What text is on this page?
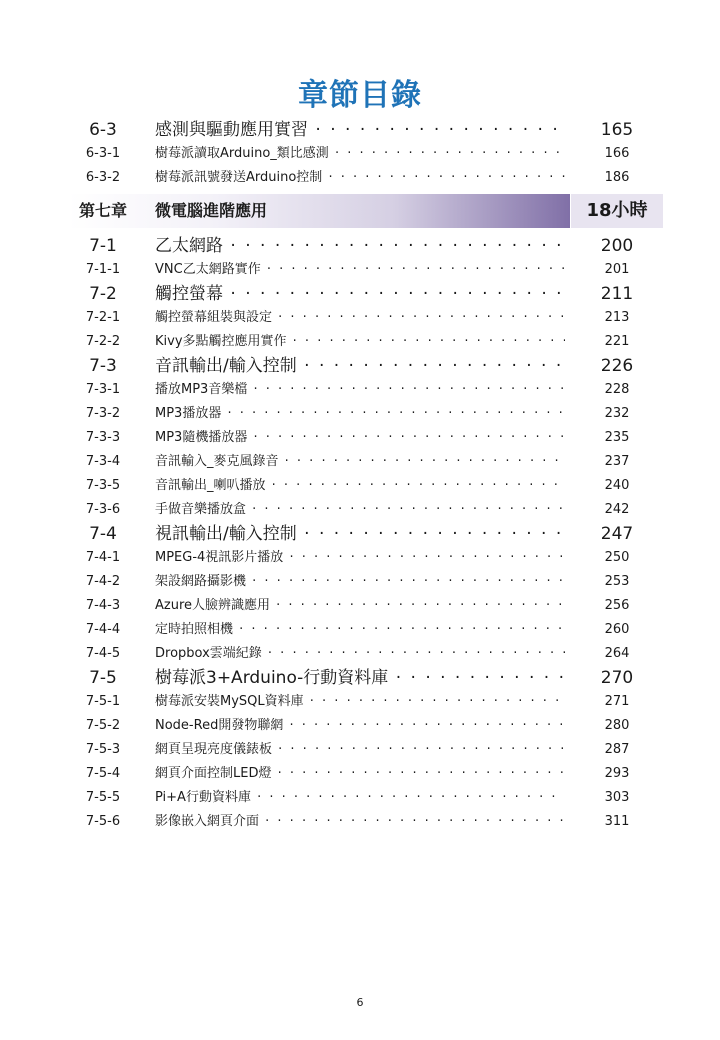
章節目錄
6-3	感測與驅動應用實習 · · ·	165
6-3-1	樹莓派讀取Arduino_類比感測 · · ·	166
6-3-2	樹莓派訊號發送Arduino控制 · · ·	186
第七章	微電腦進階應用	18小時
7-1	乙太網路 · · ·	200
7-1-1	VNC乙太網路實作 · · ·	201
7-2	觸控螢幕 · · ·	211
7-2-1	觸控螢幕組裝與設定 · · ·	213
7-2-2	Kivy多點觸控應用實作 · · ·	221
7-3	音訊輸出/輸入控制 · · ·	226
7-3-1	播放MP3音樂檔 · · ·	228
7-3-2	MP3播放器 · · ·	232
7-3-3	MP3隨機播放器 · · ·	235
7-3-4	音訊輸入_麥克風錄音 · · ·	237
7-3-5	音訊輸出_喇叭播放 · · ·	240
7-3-6	手做音樂播放盒 · · ·	242
7-4	視訊輸出/輸入控制 · · ·	247
7-4-1	MPEG-4視訊影片播放 · · ·	250
7-4-2	架設網路攝影機 · · ·	253
7-4-3	Azure人臉辨識應用 · · ·	256
7-4-4	定時拍照相機 · · ·	260
7-4-5	Dropbox雲端紀錄 · · ·	264
7-5	樹莓派3+Arduino-行動資料庫 · · ·	270
7-5-1	樹莓派安裝MySQL資料庫 · · ·	271
7-5-2	Node-Red開發物聯網 · · ·	280
7-5-3	網頁呈現亮度儀錶板 · · ·	287
7-5-4	網頁介面控制LED燈 · · ·	293
7-5-5	Pi+A行動資料庫 · · ·	303
7-5-6	影像嵌入網頁介面 · · ·	311
6
